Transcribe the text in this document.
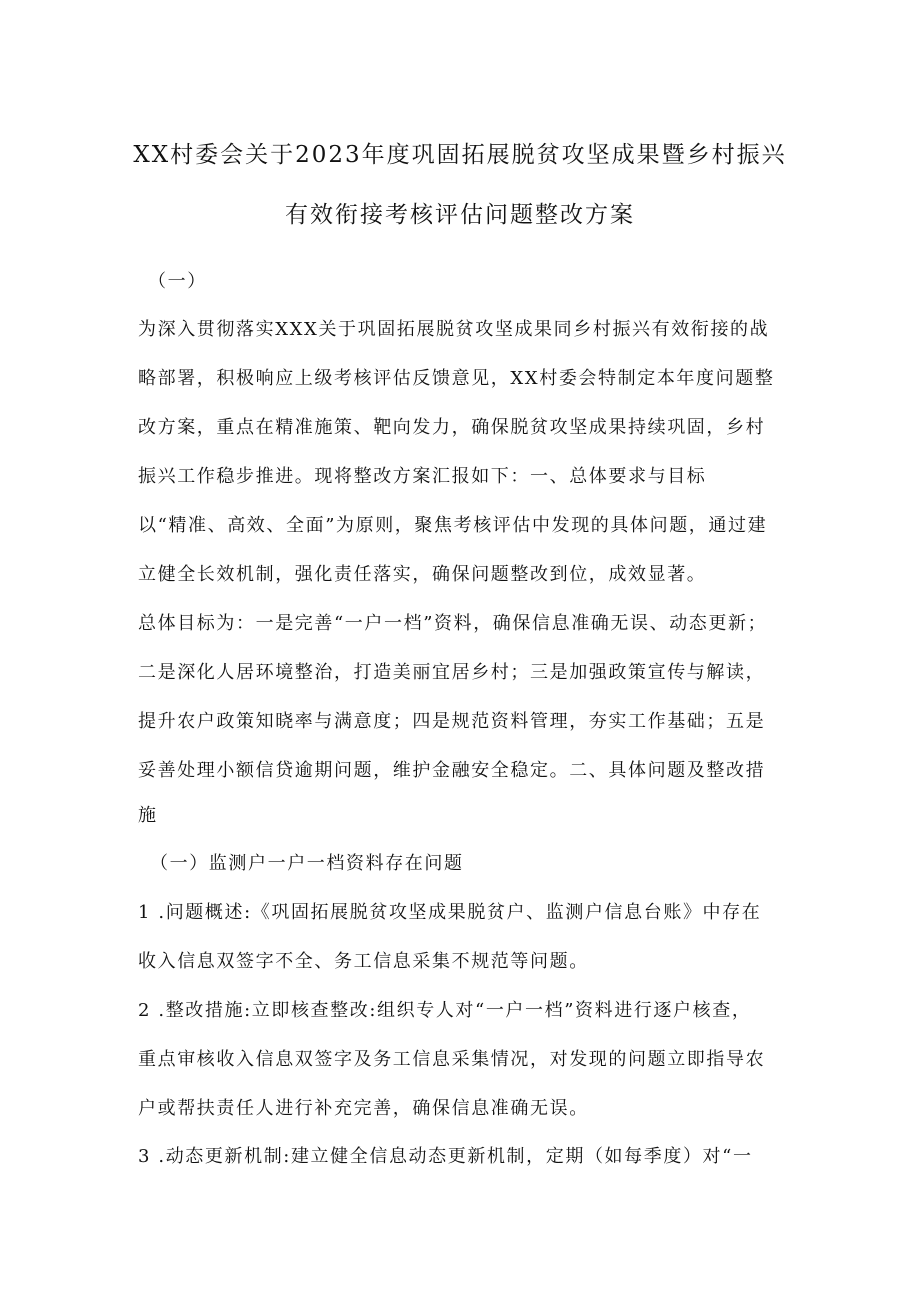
XX村委会关于2023年度巩固拓展脱贫攻坚成果暨乡村振兴
有效衔接考核评估问题整改方案

（一）

为深入贯彻落实XXX关于巩固拓展脱贫攻坚成果同乡村振兴有效衔接的战

略部署，积极响应上级考核评估反馈意见，XX村委会特制定本年度问题整

改方案，重点在精准施策、靶向发力，确保脱贫攻坚成果持续巩固，乡村

振兴工作稳步推进。现将整改方案汇报如下：一、总体要求与目标

以“精准、高效、全面”为原则，聚焦考核评估中发现的具体问题，通过建

立健全长效机制，强化责任落实，确保问题整改到位，成效显著。

总体目标为：一是完善“一户一档”资料，确保信息准确无误、动态更新；

二是深化人居环境整治，打造美丽宜居乡村；三是加强政策宣传与解读，

提升农户政策知晓率与满意度；四是规范资料管理，夯实工作基础；五是

妥善处理小额信贷逾期问题，维护金融安全稳定。二、具体问题及整改措

施

（一）监测户一户一档资料存在问题

1 .问题概述:《巩固拓展脱贫攻坚成果脱贫户、监测户信息台账》中存在

收入信息双签字不全、务工信息采集不规范等问题。

2 .整改措施:立即核查整改:组织专人对“一户一档”资料进行逐户核查，

重点审核收入信息双签字及务工信息采集情况，对发现的问题立即指导农

户或帮扶责任人进行补充完善，确保信息准确无误。

3 .动态更新机制:建立健全信息动态更新机制，定期（如每季度）对“一
